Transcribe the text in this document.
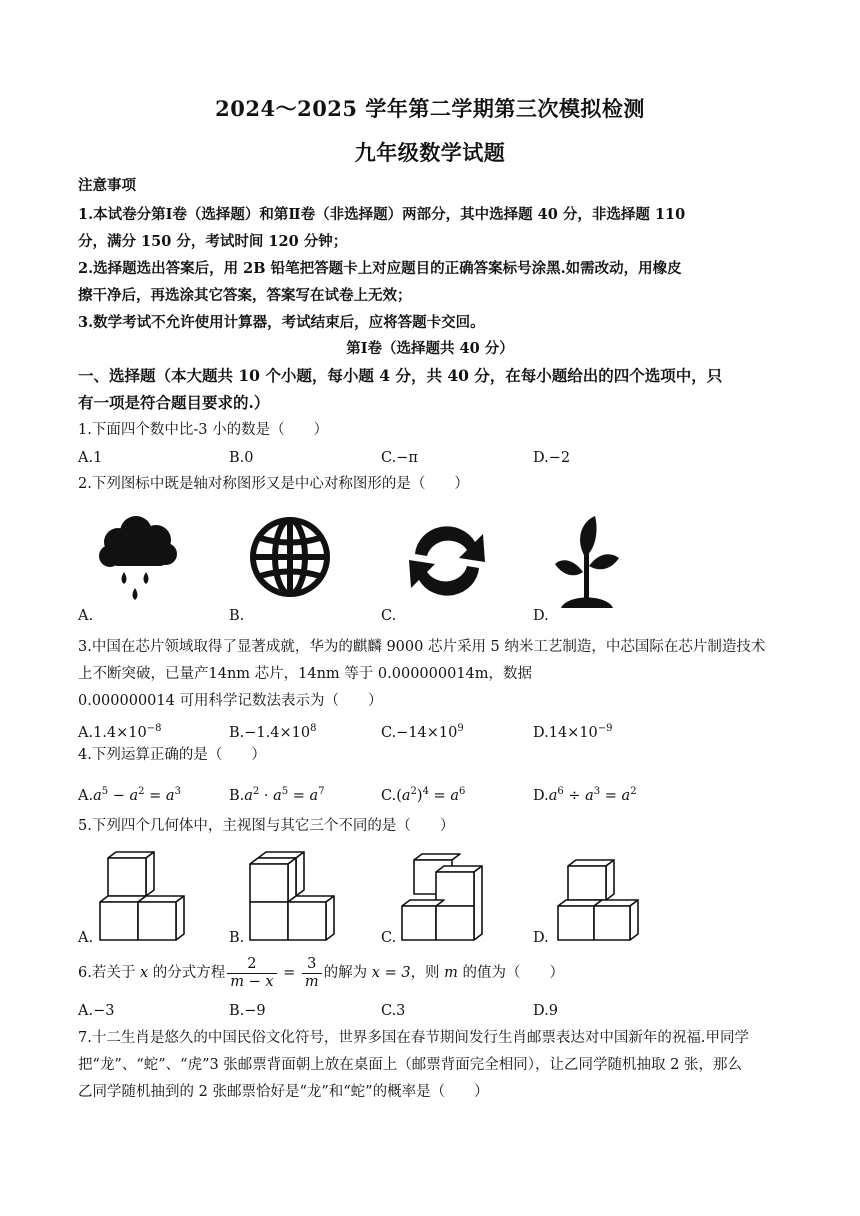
2024～2025 学年第二学期第三次模拟检测
九年级数学试题
注意事项
1.本试卷分第Ⅰ卷（选择题）和第Ⅱ卷（非选择题）两部分，其中选择题 40 分，非选择题 110
分，满分 150 分，考试时间 120 分钟；
2.选择题选出答案后，用 2B 铅笔把答题卡上对应题目的正确答案标号涂黑.如需改动，用橡皮
擦干净后，再选涂其它答案，答案写在试卷上无效；
3.数学考试不允许使用计算器，考试结束后，应将答题卡交回。
第Ⅰ卷（选择题共 40 分）
一、选择题（本大题共 10 个小题，每小题 4 分，共 40 分，在每小题给出的四个选项中，只
有一项是符合题目要求的.）
1.下面四个数中比-3 小的数是（　　）
A.1	B.0	C.−π	D.−2
2.下列图标中既是轴对称图形又是中心对称图形的是（　　）
A.	B.	C.	D.
3.中国在芯片领域取得了显著成就，华为的麒麟 9000 芯片采用 5 纳米工艺制造，中芯国际在芯片制造技术
上不断突破，已量产14nm 芯片，14nm 等于 0.000000014m，数据
0.000000014 可用科学记数法表示为（　　）
$A.1.4\times 10^{-8}$	$B.-1.4\times 10^8$	$C.-14\times 10^9$	$D.14\times 10^{-9}$
4.下列运算正确的是（　　）
$A.a^5 - a^2 = a^3$	$B.a^2 \cdot a^5 = a^7$	$C.(a^2)^4 = a^6$	$D.a^6 \div a^3 = a^2$
5.下列四个几何体中，主视图与其它三个不同的是（　　）
A.	B.	C.	D.
6.若关于 x 的分式方程 $\frac{2}{m - x} = \frac{3}{m}$ 的解为 x = 3，则 m 的值为（　　）
A.−3	B.−9	C.3	D.9
7.十二生肖是悠久的中国民俗文化符号，世界多国在春节期间发行生肖邮票表达对中国新年的祝福.甲同学
把“龙”、“蛇”、“虎”3 张邮票背面朝上放在桌面上（邮票背面完全相同），让乙同学随机抽取 2 张，那么
乙同学随机抽到的 2 张邮票恰好是“龙”和“蛇”的概率是（　　）
